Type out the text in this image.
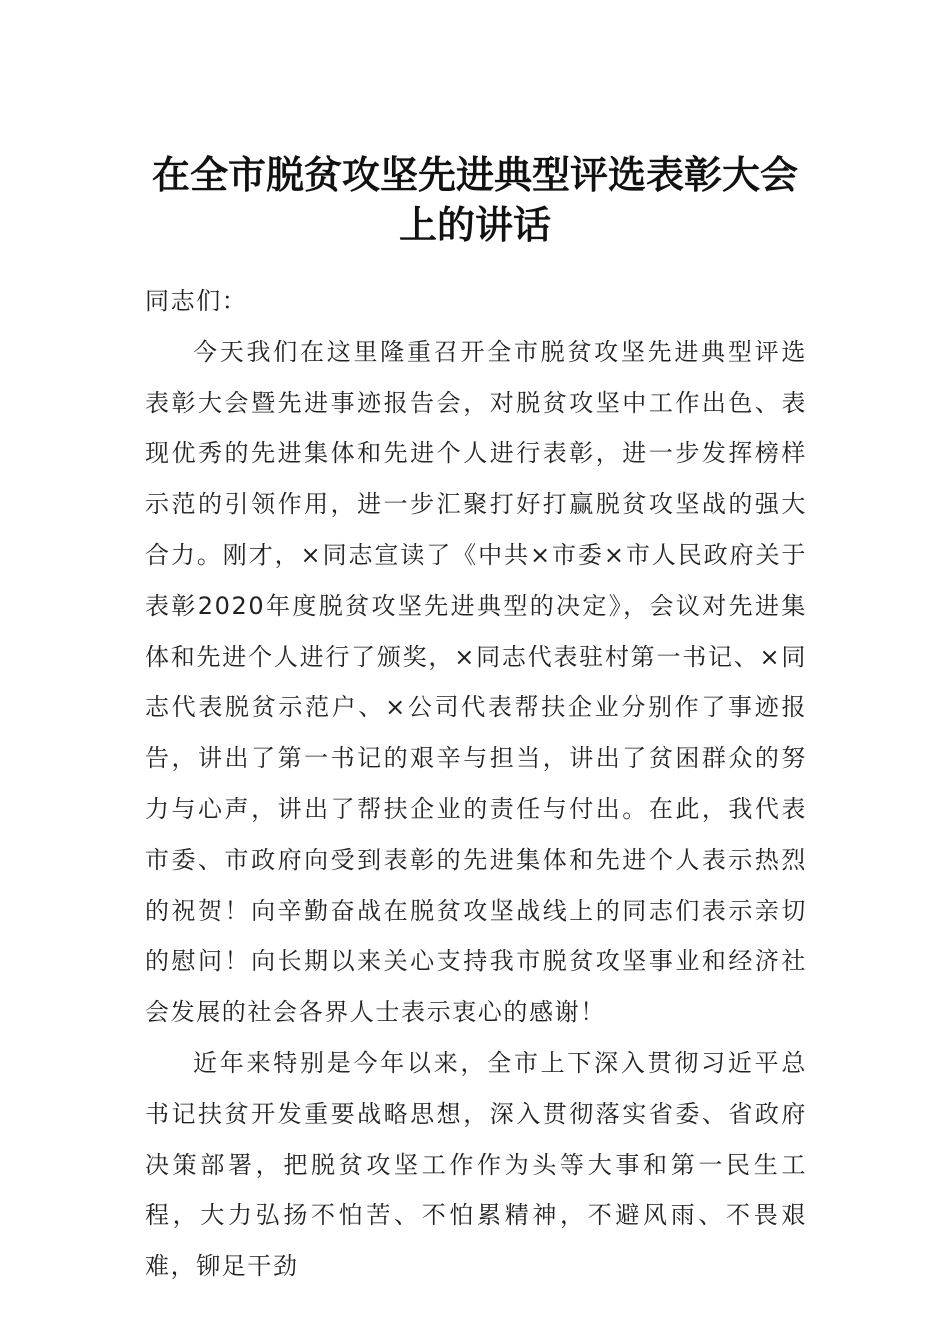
在全市脱贫攻坚先进典型评选表彰大会上的讲话

同志们：

今天我们在这里隆重召开全市脱贫攻坚先进典型评选表彰大会暨先进事迹报告会，对脱贫攻坚中工作出色、表现优秀的先进集体和先进个人进行表彰，进一步发挥榜样示范的引领作用，进一步汇聚打好打赢脱贫攻坚战的强大合力。刚才，×同志宣读了《中共×市委×市人民政府关于表彰2020年度脱贫攻坚先进典型的决定》，会议对先进集体和先进个人进行了颁奖，×同志代表驻村第一书记、×同志代表脱贫示范户、×公司代表帮扶企业分别作了事迹报告，讲出了第一书记的艰辛与担当，讲出了贫困群众的努力与心声，讲出了帮扶企业的责任与付出。在此，我代表市委、市政府向受到表彰的先进集体和先进个人表示热烈的祝贺！向辛勤奋战在脱贫攻坚战线上的同志们表示亲切的慰问！向长期以来关心支持我市脱贫攻坚事业和经济社会发展的社会各界人士表示衷心的感谢！

近年来特别是今年以来，全市上下深入贯彻习近平总书记扶贫开发重要战略思想，深入贯彻落实省委、省政府决策部署，把脱贫攻坚工作作为头等大事和第一民生工程，大力弘扬不怕苦、不怕累精神，不避风雨、不畏艰难，铆足干劲
